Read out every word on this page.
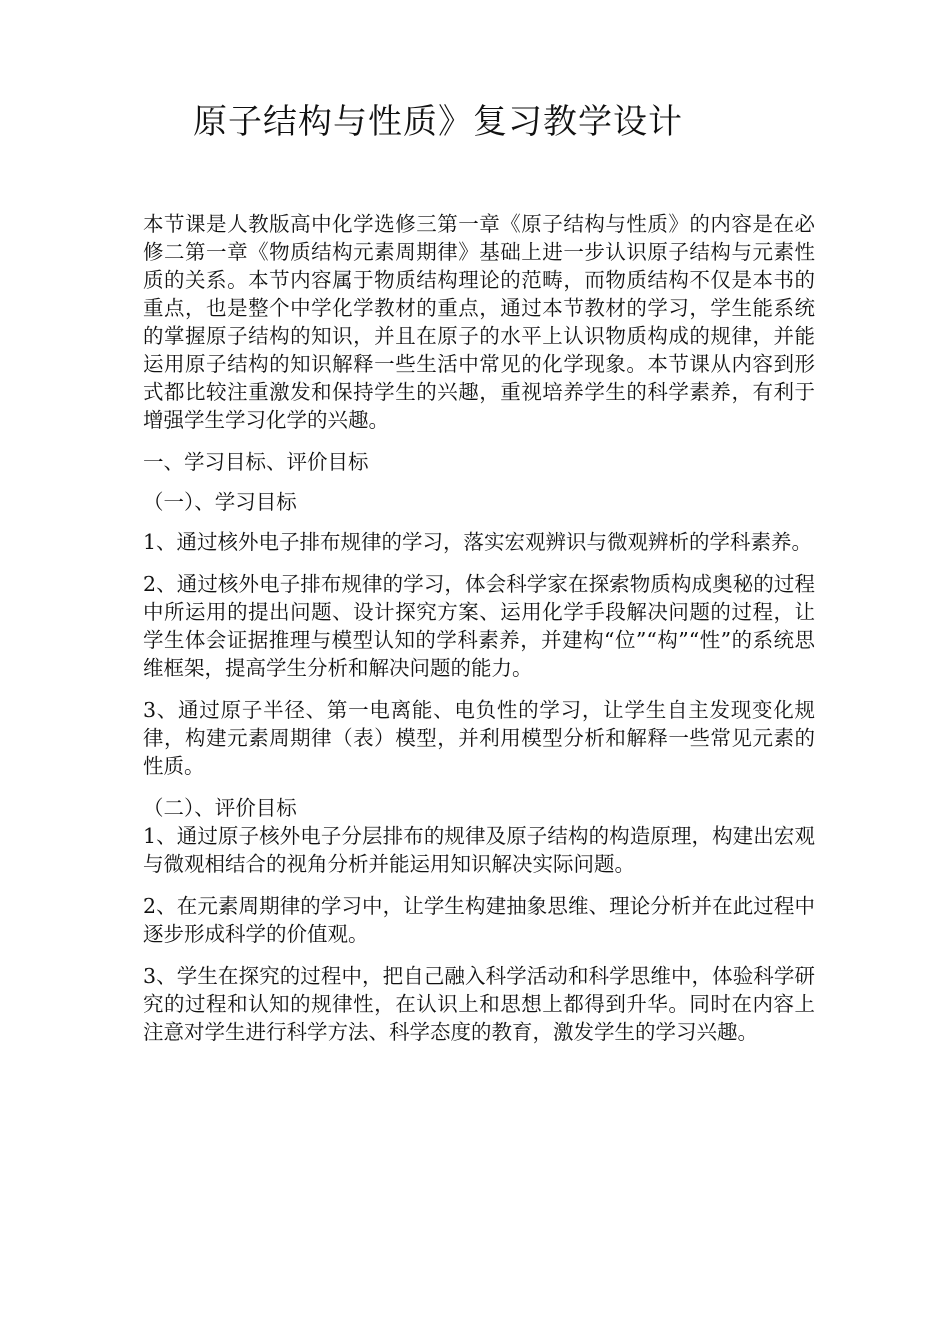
原子结构与性质》复习教学设计

本节课是人教版高中化学选修三第一章《原子结构与性质》的内容是在必修二第一章《物质结构元素周期律》基础上进一步认识原子结构与元素性质的关系。本节内容属于物质结构理论的范畴，而物质结构不仅是本书的重点，也是整个中学化学教材的重点，通过本节教材的学习，学生能系统的掌握原子结构的知识，并且在原子的水平上认识物质构成的规律，并能运用原子结构的知识解释一些生活中常见的化学现象。本节课从内容到形式都比较注重激发和保持学生的兴趣，重视培养学生的科学素养，有利于增强学生学习化学的兴趣。

一、学习目标、评价目标

（一）、学习目标

1、通过核外电子排布规律的学习，落实宏观辨识与微观辨析的学科素养。

2、通过核外电子排布规律的学习，体会科学家在探索物质构成奥秘的过程中所运用的提出问题、设计探究方案、运用化学手段解决问题的过程，让学生体会证据推理与模型认知的学科素养，并建构“位”“构”“性”的系统思维框架，提高学生分析和解决问题的能力。

3、通过原子半径、第一电离能、电负性的学习，让学生自主发现变化规律，构建元素周期律（表）模型，并利用模型分析和解释一些常见元素的性质。

（二）、评价目标

1、通过原子核外电子分层排布的规律及原子结构的构造原理，构建出宏观与微观相结合的视角分析并能运用知识解决实际问题。

2、在元素周期律的学习中，让学生构建抽象思维、理论分析并在此过程中逐步形成科学的价值观。

3、学生在探究的过程中，把自己融入科学活动和科学思维中，体验科学研究的过程和认知的规律性，在认识上和思想上都得到升华。同时在内容上注意对学生进行科学方法、科学态度的教育，激发学生的学习兴趣。
